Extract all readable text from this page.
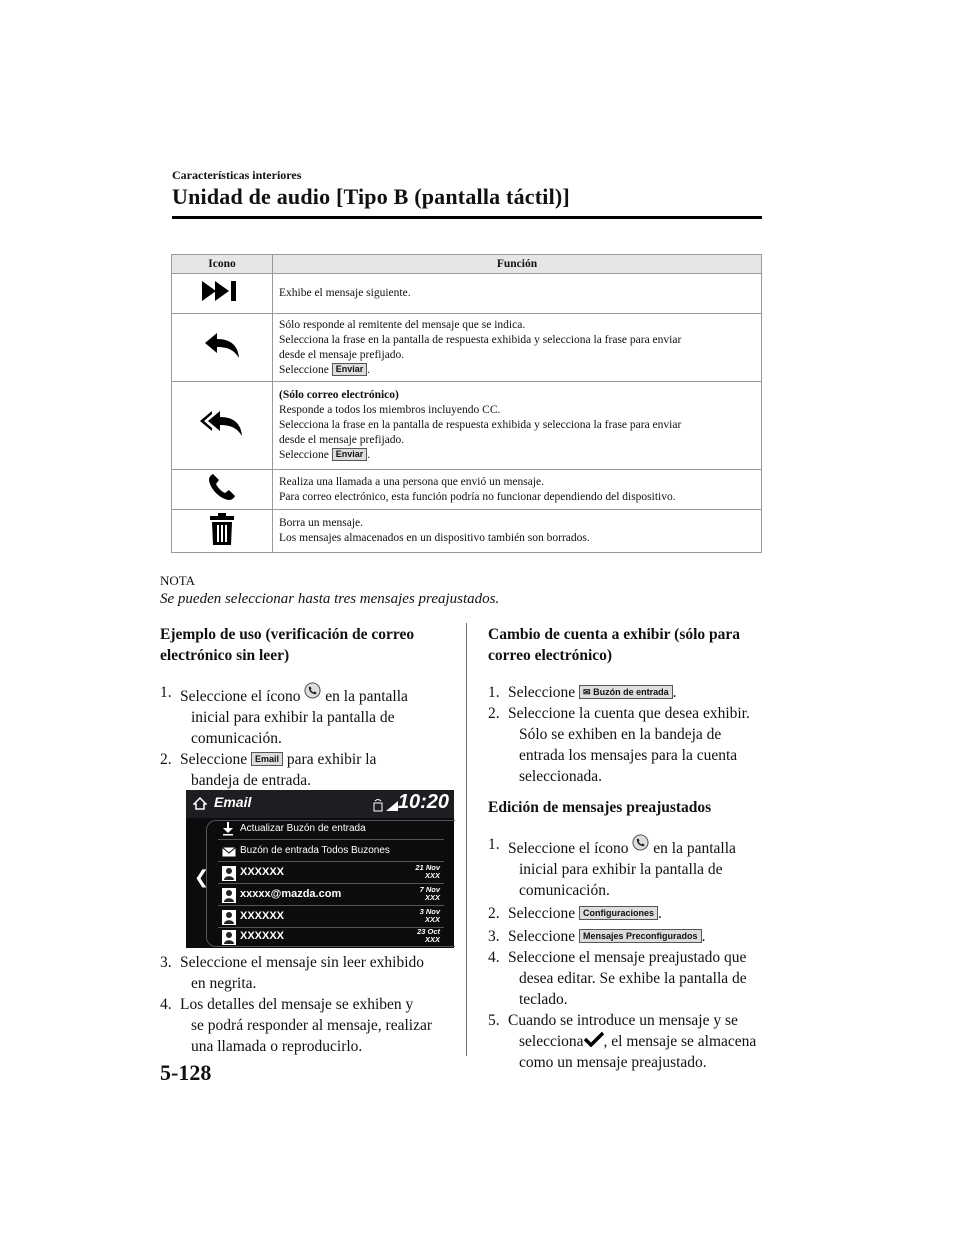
Características interiores
Unidad de audio [Tipo B (pantalla táctil)]
Icono	Función
	Exhibe el mensaje siguiente.

Sólo responde al remitente del mensaje que se indica.
Selecciona la frase en la pantalla de respuesta exhibida y selecciona la frase para enviar
desde el mensaje prefijado.
Seleccione Enviar .

(Sólo correo electrónico)
Responde a todos los miembros incluyendo CC.
Selecciona la frase en la pantalla de respuesta exhibida y selecciona la frase para enviar
desde el mensaje prefijado.
Seleccione Enviar .

Realiza una llamada a una persona que envió un mensaje.
Para correo electrónico, esta función podría no funcionar dependiendo del dispositivo.

Borra un mensaje.
Los mensajes almacenados en un dispositivo también son borrados.
NOTA
Se pueden seleccionar hasta tres mensajes preajustados.
Ejemplo de uso (verificación de correo
electrónico sin leer)
1. Seleccione el ícono en la pantalla
inicial para exhibir la pantalla de
comunicación.
2. Seleccione Email para exhibir la
bandeja de entrada.
Email	10:20
❮
Actualizar Buzón de entrada
Buzón de entrada Todos Buzones
XXXXXX	21 Nov
XXX
xxxxx@mazda.com	7 Nov
XXX
XXXXXX	3 Nov
XXX
XXXXXX	23 Oct
XXX
3. Seleccione el mensaje sin leer exhibido
en negrita.
4. Los detalles del mensaje se exhiben y
se podrá responder al mensaje, realizar
una llamada o reproducirlo.
Cambio de cuenta a exhibir (sólo para
correo electrónico)
1. Seleccione ✉ Buzón de entrada .
2. Seleccione la cuenta que desea exhibir.
Sólo se exhiben en la bandeja de
entrada los mensajes para la cuenta
seleccionada.
Edición de mensajes preajustados
1. Seleccione el ícono en la pantalla
inicial para exhibir la pantalla de
comunicación.
2. Seleccione Configuraciones .
3. Seleccione Mensajes Preconfigurados .
4. Seleccione el mensaje preajustado que
desea editar. Se exhibe la pantalla de
teclado.
5. Cuando se introduce un mensaje y se
selecciona , el mensaje se almacena
como un mensaje preajustado.
5-128
